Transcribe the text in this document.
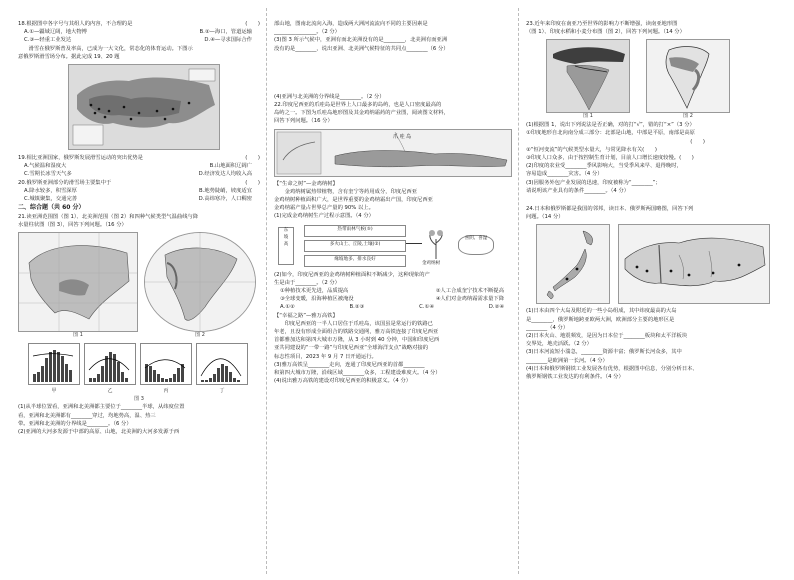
18.根据图中各字号与其组人的内容，不合理的是	(　　)
A.①—疆域辽阔，地大物博	B.②—海口，管道运输
C.③—轻重工业发达	D.④—寻求国际合作
　　滑雪在俄罗斯普及率高，已成为一大文化，常态化的体育运动。下图示
意俄罗斯滑雪场分布。据此完成 19、20 题
19.相比亚洲国家，俄罗斯发展滑雪运动的突出优势是	(　　)
A.气候温和湿度大	B.山地面积辽阔广
C.雪期长冰雪天气多	D.经济发达人均收入高
20.俄罗斯亚洲部分的滑雪场主要集中于	(　　)
A.降水较多，积雪深厚	B.地势陡峭，坡度适宜
C.城镇聚集，交通完善	D.高纬寒冷，人口稠密
二、综合题（共 60 分）
21.读亚洲范围图（图 1）、北美洲范围（图 2）和四种气候类型气温曲线与降
水量柱状图（图 3），回答下列问题。（16 分）
图 1	图 2
甲	乙	丙	丁
图 3
(1)从半球位置看，亚洲和北美洲都主要位于________半球，从纬度位置
看，亚洲和北美洲都有________穿过，均地势高，温、热三
带。亚洲和北美洲的分界线是________。（6 分）
(2)亚洲的大河多发源于中部的高原、山地，北美洲的大河多发源于西
部山地，图南北流向入海，造成两大洲河流流向不同的主要因素是
________________。（2 分）
(3)图 3 所示气候中，亚洲有而北美洲没有的是________，北美洲有而亚洲
没有的是________，说出亚洲、北美洲气候特征的共同点________（6 分）
(4)亚洲与北美洲的分界线是________。（2 分）
22.印度尼西亚的爪哇岛是世界上人口最多的岛屿，也是人口密度最高的
岛屿之一。下图为爪哇岛地形图及其金鸡纳霜药的产业图，阅读图文材料，
回答下列问题。（16 分）
爪 哇 岛
【“生命之树”—金鸡纳树】
　　金鸡纳树属热带植物，含有奎宁等药用成分，印度尼西亚
金鸡纳树种植面积广大，是世界重要的金鸡纳霜出产国，印度尼西亚
金鸡纳霜产量占世界总产量的 90% 以上。
(1)完成金鸡纳树生产过程示意图。（4 分）
东
坡
高
热带雨林气候(⑤)
多火山土、丘陵,土壤(②)
缘坡地多、排水良好
金鸡纳树
喜阴、喜湿
(2)如今，印度尼西亚的金鸡纳树种植面积不断减少，这种现象的产
生是由于________。（2 分）
①种植技术更先进，品质提高	②人工合成奎宁技术不断提高
③全球变暖，沿海种植区被淹没	④人们对金鸡纳霜需求量下降
A.①②	B.②③	C.①④	D.②④
【“幸福之路”—雅万高铁】
　　印度尼西亚的一半人口居住于爪哇岛，该国虽是常运行的铁路已
年老，且没有形成全面组合的铁路交通网，雅万高铁连接了印度尼西亚
首都雅加达和第四大城市万隆，从 3 小时到 40 分钟，中国和印度尼西
亚共同建设的“一带一路”与印度尼西亚“全球海洋支点”战略对接的
标志性项目，2023 年 9 月 7 日开通运行。
(3)雅万高铁呈________走向，连通了印度尼西亚的首都________
和第四大城市万隆，沿线区域________众多，工程建设难度大。（4 分）
(4)说出雅万高铁的建设对印度尼西亚的积极意义。（4 分）
23.近年来印度在南亚乃至世界的影响力不断增强，读南亚地形图
（图 1）、印度水稻和小麦分布图（图 2），回答下列问题。（14 分）
图 1	图 2
(1)根据图 1，说出下列说法是否正确，对的打“√”，错的打“×”（3 分）
①印度地形自北向南分成三部分：北部是山地，中部是平原，南部是高原
　　　　　　　　　　　　　　　　　　　　　　　　　　　　　　　(　　)
②“恒河变流”的气候类型水量大，与常见降水有关(　　)
③印度人口众多，由于按控制生育计划，目前人口增长速度较慢。(　　)
(2)印度的农业受________季风影响大，当受季风来早、退得晚时，
容易造成________灾害。（4 分）
(3)因服务外包产业发展的迅速，印度被称为“________”；
请说明该产业具有的条件________。（4 分）
24.日本和俄罗斯都是我国的邻邦，读日本、俄罗斯两国略图，回答下列
问题。（14 分）
(1)日本由四个大岛及附近的一些小岛组成，其中纬度最高的大岛
是________，俄罗斯地跨亚欧两大洲，欧洲部分主要的地形区是
________（4 分）
(2)日本火山、地震频发，是因为日本位于________板块和太平洋板块
交界处，地壳活跃。（2 分）
(3)日本河流短小湍急，________资源丰富；俄罗斯长河众多，其中
________是欧洲第一长河。（4 分）
(4)日本和俄罗斯钢铁工业发展各有优势，根据图中信息，分别分析日本、
俄罗斯钢铁工业发达的有利条件。（4 分）
